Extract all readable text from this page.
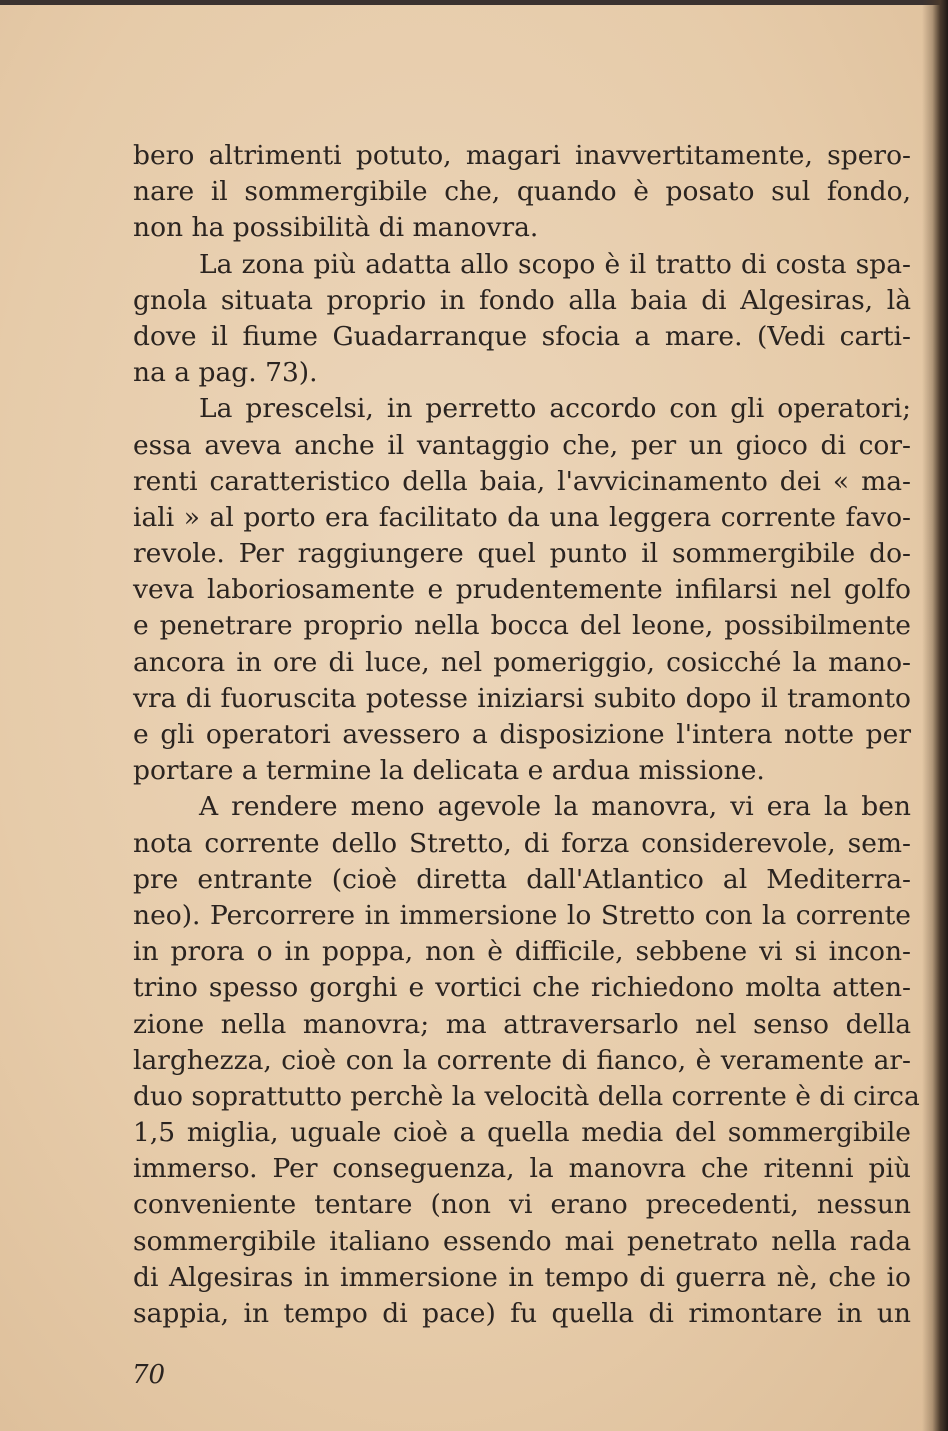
bero altrimenti potuto, magari inavvertitamente, spero-
nare il sommergibile che, quando è posato sul fondo,
non ha possibilità di manovra.
La zona più adatta allo scopo è il tratto di costa spa-
gnola situata proprio in fondo alla baia di Algesiras, là
dove il fiume Guadarranque sfocia a mare. (Vedi carti-
na a pag. 73).
La prescelsi, in perretto accordo con gli operatori;
essa aveva anche il vantaggio che, per un gioco di cor-
renti caratteristico della baia, l'avvicinamento dei « ma-
iali » al porto era facilitato da una leggera corrente favo-
revole. Per raggiungere quel punto il sommergibile do-
veva laboriosamente e prudentemente infilarsi nel golfo
e penetrare proprio nella bocca del leone, possibilmente
ancora in ore di luce, nel pomeriggio, cosicché la mano-
vra di fuoruscita potesse iniziarsi subito dopo il tramonto
e gli operatori avessero a disposizione l'intera notte per
portare a termine la delicata e ardua missione.
A rendere meno agevole la manovra, vi era la ben
nota corrente dello Stretto, di forza considerevole, sem-
pre entrante (cioè diretta dall'Atlantico al Mediterra-
neo). Percorrere in immersione lo Stretto con la corrente
in prora o in poppa, non è difficile, sebbene vi si incon-
trino spesso gorghi e vortici che richiedono molta atten-
zione nella manovra; ma attraversarlo nel senso della
larghezza, cioè con la corrente di fianco, è veramente ar-
duo soprattutto perchè la velocità della corrente è di circa
1,5 miglia, uguale cioè a quella media del sommergibile
immerso. Per conseguenza, la manovra che ritenni più
conveniente tentare (non vi erano precedenti, nessun
sommergibile italiano essendo mai penetrato nella rada
di Algesiras in immersione in tempo di guerra nè, che io
sappia, in tempo di pace) fu quella di rimontare in un
70
